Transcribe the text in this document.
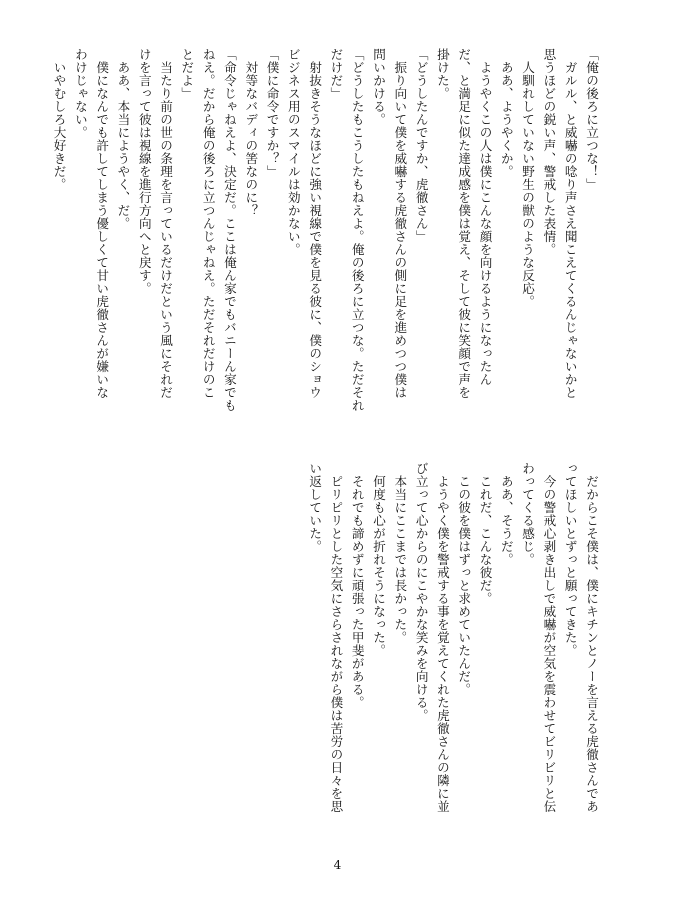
「俺の後ろに立つな！」
　ガルル、と威嚇の唸り声さえ聞こえてくるんじゃないかと
思うほどの鋭い声、警戒した表情。
　人馴れしていない野生の獣のような反応。
　ああ、ようやくか。
　ようやくこの人は僕にこんな顔を向けるようになったん
だ、と満足に似た達成感を僕は覚え、そして彼に笑顔で声を
掛けた。
「どうしたんですか、虎徹さん」
　振り向いて僕を威嚇する虎徹さんの側に足を進めつつ僕は
問いかける。
「どうしたもこうしたもねえよ。俺の後ろに立つな。ただそれ
だけだ」
　射抜きそうなほどに強い視線で僕を見る彼に、僕のショウ
ビジネス用のスマイルは効かない。
「僕に命令ですか？」
　対等なバディの筈なのに？
「命令じゃねえよ、決定だ。ここは俺ん家でもバニーん家でも
ねえ。だから俺の後ろに立つんじゃねえ。ただそれだけのこ
とだよ」
　当たり前の世の条理を言っているだけだという風にそれだ
けを言って彼は視線を進行方向へと戻す。
　ああ、本当にようやく、だ。
　僕になんでも許してしまう優しくて甘い虎徹さんが嫌いな
わけじゃない。
　いやむしろ大好きだ。
　だからこそ僕は、僕にキチンとノーを言える虎徹さんであ
ってほしいとずっと願ってきた。
　今の警戒心剥き出しで威嚇が空気を震わせてビリビリと伝
わってくる感じ。
　ああ、そうだ。
　これだ、こんな彼だ。
　この彼を僕はずっと求めていたんだ。
　ようやく僕を警戒する事を覚えてくれた虎徹さんの隣に並
び立って心からのにこやかな笑みを向ける。
　本当にここまでは長かった。
　何度も心が折れそうになった。
　それでも諦めずに頑張った甲斐がある。
　ピリピリとした空気にさらされながら僕は苦労の日々を思
い返していた。
4
